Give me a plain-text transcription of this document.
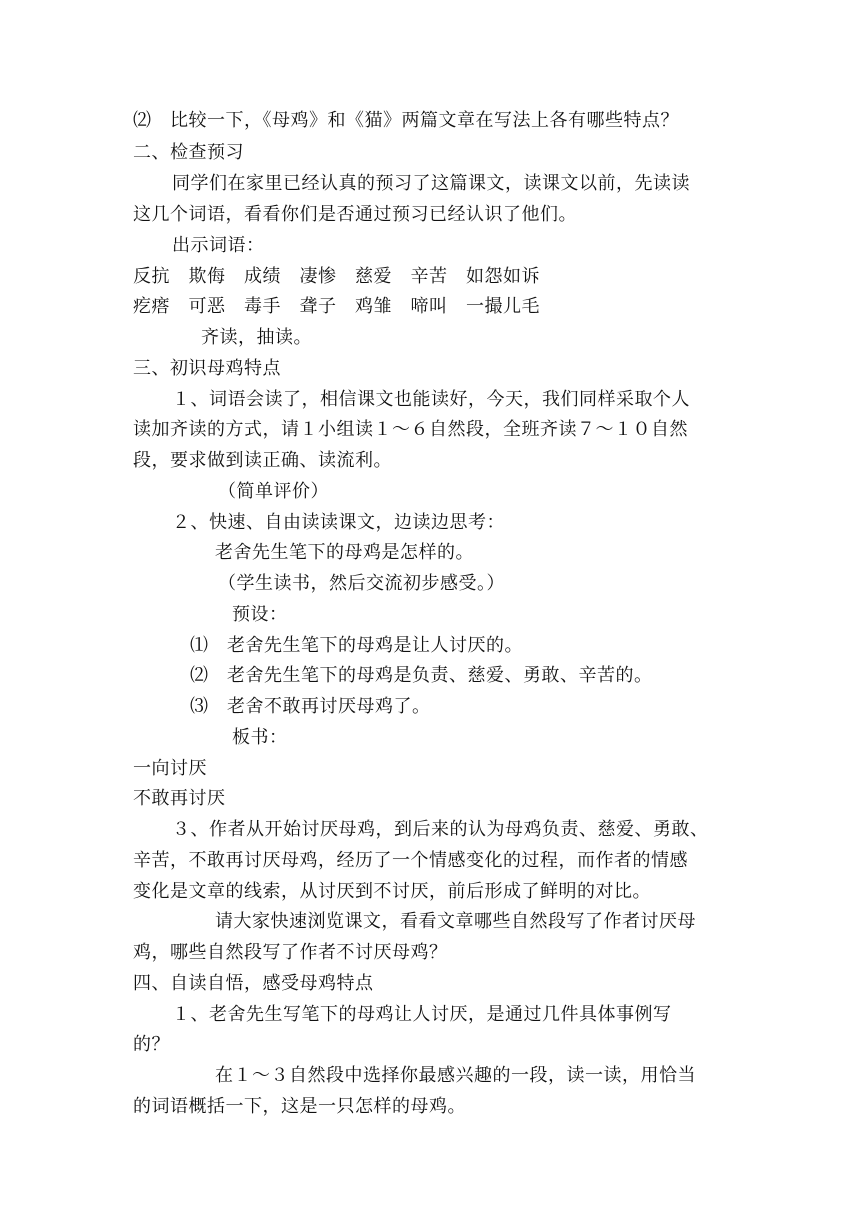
⑵　比较一下，《母鸡》和《猫》两篇文章在写法上各有哪些特点？
二、检查预习
同学们在家里已经认真的预习了这篇课文，读课文以前，先读读
这几个词语，看看你们是否通过预习已经认识了他们。
出示词语：
反抗　欺侮　成绩　凄惨　慈爱　辛苦　如怨如诉
疙瘩　可恶　毒手　聋子　鸡雏　啼叫　一撮儿毛
齐读，抽读。
三、初识母鸡特点
１、词语会读了，相信课文也能读好，今天，我们同样采取个人
读加齐读的方式，请１小组读１～６自然段，全班齐读７～１０自然
段，要求做到读正确、读流利。
（简单评价）
２、快速、自由读读课文，边读边思考：
老舍先生笔下的母鸡是怎样的。
（学生读书，然后交流初步感受。）
预设：
⑴　老舍先生笔下的母鸡是让人讨厌的。
⑵　老舍先生笔下的母鸡是负责、慈爱、勇敢、辛苦的。
⑶　老舍不敢再讨厌母鸡了。
板书：
一向讨厌
不敢再讨厌
３、作者从开始讨厌母鸡，到后来的认为母鸡负责、慈爱、勇敢、
辛苦，不敢再讨厌母鸡，经历了一个情感变化的过程，而作者的情感
变化是文章的线索，从讨厌到不讨厌，前后形成了鲜明的对比。
请大家快速浏览课文，看看文章哪些自然段写了作者讨厌母
鸡，哪些自然段写了作者不讨厌母鸡？
四、自读自悟，感受母鸡特点
１、老舍先生写笔下的母鸡让人讨厌，是通过几件具体事例写
的？
在１～３自然段中选择你最感兴趣的一段，读一读，用恰当
的词语概括一下，这是一只怎样的母鸡。
